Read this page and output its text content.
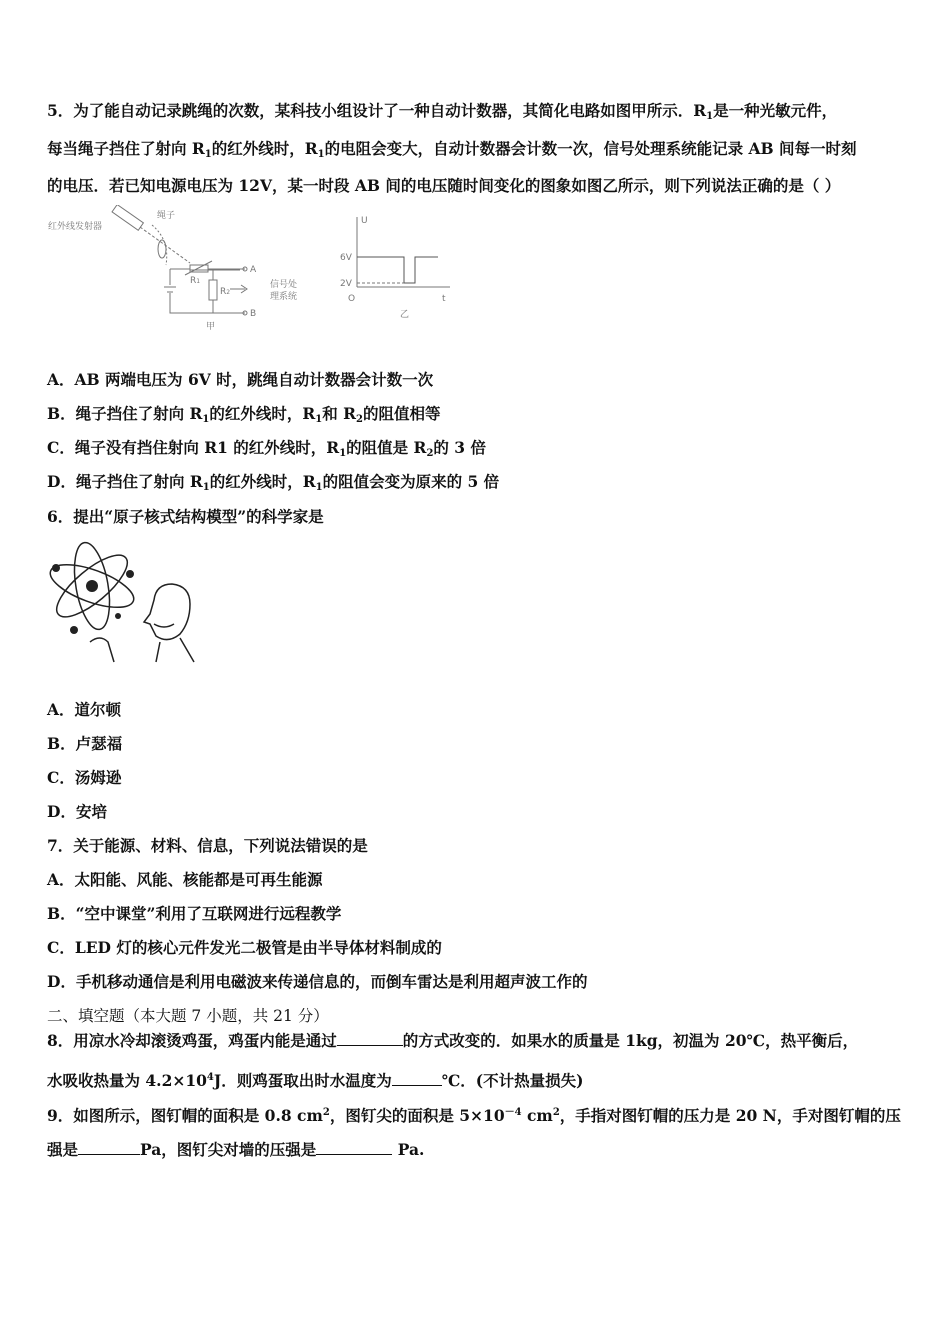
5．为了能自动记录跳绳的次数，某科技小组设计了一种自动计数器，其简化电路如图甲所示．$R_1$是一种光敏元件，
每当绳子挡住了射向 $R_1$的红外线时，$R_1$的电阻会变大，自动计数器会计数一次，信号处理系统能记录 AB 间每一时刻
的电压．若已知电源电压为 12V，某一时段 AB 间的电压随时间变化的图象如图乙所示，则下列说法正确的是（ ）
红外线发射器
绳子
R1
R2
A
B
信号处
理系统
甲
U
6V
2V
O	t
乙
A．AB 两端电压为 6V 时，跳绳自动计数器会计数一次
B．绳子挡住了射向 $R_1$的红外线时，$R_1$和 $R_2$的阻值相等
C．绳子没有挡住射向 R1 的红外线时，$R_1$的阻值是 $R_2$的 3 倍
D．绳子挡住了射向 $R_1$的红外线时，$R_1$的阻值会变为原来的 5 倍
6．提出“原子核式结构模型”的科学家是
A．道尔顿
B．卢瑟福
C．汤姆逊
D．安培
7．关于能源、材料、信息，下列说法错误的是
A．太阳能、风能、核能都是可再生能源
B．“空中课堂”利用了互联网进行远程教学
C．LED 灯的核心元件发光二极管是由半导体材料制成的
D．手机移动通信是利用电磁波来传递信息的，而倒车雷达是利用超声波工作的
二、填空题（本大题 7 小题，共 21 分）
8．用凉水冷却滚烫鸡蛋，鸡蛋内能是通过	的方式改变的．如果水的质量是 1kg，初温为 20℃，热平衡后，
水吸收热量为 $4.2\times 10^4J$．则鸡蛋取出时水温度为	℃．(不计热量损失)
9．如图所示，图钉帽的面积是 0.8 $cm^2$，图钉尖的面积是 $5\times 10^{-4}$ $cm^2$，手指对图钉帽的压力是 20 N，手对图钉帽的压
强是	Pa，图钉尖对墙的压强是	Pa.
